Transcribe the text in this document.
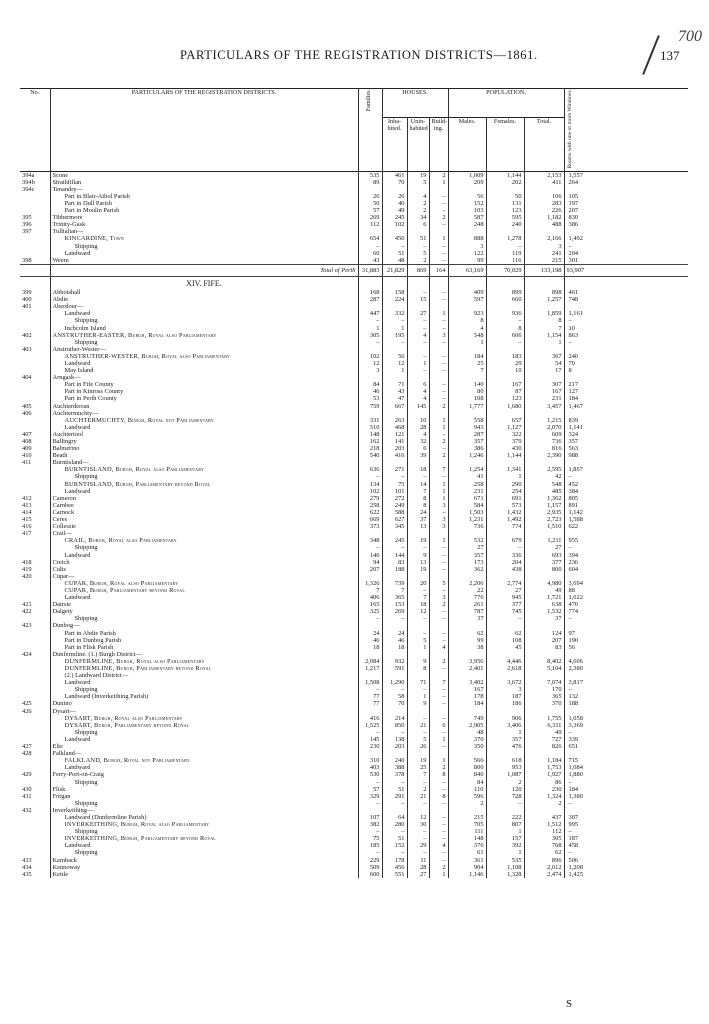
PARTICULARS OF THE REGISTRATION DISTRICTS—1861.
700
137
No.	PARTICULARS OF THE REGISTRATION DISTRICTS.	Families.	HOUSES.			POPULATION.			Rooms with one or more Windows.
			Inha- bited.	Unin- habited	Build- ing.	Males.	Females.	Total.	
394a	Scone	535	461	19	2	1,009	1,144	2,153	1,557
394b	Strathfillan	89	70	5	1	209	202	411	264
394c	Tenandry—								
	Part in Blair-Athol Parish	26	26	4	–	56	50	106	105
	Part in Dull Parish	50	40	2	–	152	131	283	197
	Part in Moulin Parish	57	49	2	–	103	123	226	207
395	Tibbermore	269	245	34	2	587	595	1,182	830
396	Trinity-Gask	112	102	6	–	248	240	488	386
397	Tullialian—								
	KINCARDINE, Town	654	450	51	1	888	1,278	2,166	1,492
	Shipping	–	–	–	–	3	–	3	–
	Landward	60	51	5	–	122	119	241	204
398	Weem	43	48	2	–	99	116	215	301
	Total of Perth	31,883	21,829	869	164	63,169	70,029	133,198	93,907
	XIV. FIFE.								
399	Abbotshall	168	158	–	–	409	899	898	461
400	Abdie	287	224	15	–	597	660	1,257	748
401	Aberdour—								
	Landward	447	332	27	1	923	936	1,859	1,161
	Shipping	–	–	–	–	8	–	8	–
	Inchcolm Island	1	1	–	–	4	8	7	10
402	ANSTRUTHER-EASTER, Burgh, Royal also Parliamentary	305	195	4	3	548	606	1,154	863
	Shipping	–	–	–	–	1	–	1	–
403	Anstruther-Wester—								
	ANSTRUTHER-WESTER, Burgh, Royal also Parliamentary	102	56	–	–	184	183	367	240
	Landward	12	12	1	–	25	29	54	70
	May Island	3	1	–	–	7	10	17	8
404	Arngask—								
	Part in Fife County	84	71	6	–	140	167	307	217
	Part in Kinross County	46	43	4	–	80	87	167	127
	Part in Perth County	53	47	4	–	108	123	231	184
405	Auchterderran	759	667	145	2	1,777	1,680	3,457	1,467
406	Auchtermuchty—								
	AUCHTERMUCHTY, Burgh, Royal not Parliamentary	331	263	10	1	558	657	1,215	839
	Landward	510	468	28	1	943	1,127	2,070	1,141
407	Auchtertool	148	121	4	–	287	322	609	324
408	Ballingry	162	141	32	2	357	379	736	357
409	Balmerino	218	203	6	–	386	430	816	563
410	Beath	540	416	39	2	1,246	1,144	2,390	988
411	Burntisland—								
	BURNTISLAND, Burgh, Royal also Parliamentary	636	271	18	7	1,254	1,341	2,595	1,857
	Shipping	–	–	–	–	41	1	42	–
	BURNTISLAND, Burgh, Parliamentary beyond Royal	134	75	14	1	258	290	548	452
	Landward	102	101	7	1	231	254	485	384
412	Cameron	279	272	8	1	671	691	1,362	805
413	Carnbee	258	249	8	3	584	573	1,157	891
414	Carnock	622	588	24	–	1,503	1,432	2,935	1,142
415	Ceres	669	627	37	3	1,231	1,492	2,723	1,588
416	Collessie	373	345	13	3	736	774	1,510	622
417	Crail—								
	CRAIL, Burgh, Royal also Parliamentary	348	245	19	1	532	679	1,211	955
	Shipping	–	–	–	–	27	–	27	–
	Landward	146	144	9	–	357	336	693	394
418	Creich	94	83	13	–	173	204	377	236
419	Cults	207	188	19	–	362	438	800	604
420	Cupar—								
	CUPAR, Burgh, Royal also Parliamentary	1,326	739	20	5	2,206	2,774	4,980	3,694
	CUPAR, Burgh, Parliamentary beyond Royal	7	7	–	–	22	27	49	88
	Landward	406	365	7	3	776	945	1,721	1,022
421	Dairsie	165	153	18	2	261	377	638	470
422	Dalgety	325	269	12	–	787	745	1,532	774
	Shipping	–	–	–	–	37	–	37	–
423	Dunbog—								
	Part in Abdie Parish	24	24	–	–	62	62	124	97
	Part in Dunbog Parish	46	46	5	–	99	108	207	190
	Part in Flisk Parish	18	18	1	4	38	45	83	56
424	Dunfermline. (1.) Burgh District—								
	DUNFERMLINE, Burgh, Royal also Parliamentary	2,084	932	9	2	3,956	4,446	8,402	4,606
	DUNFERMLINE, Burgh, Parliamentary beyond Royal	1,217	591	8	–	2,401	2,618	5,104	2,380
	(2.) Landward District—								
	Landward	1,508	1,290	71	7	3,402	3,672	7,074	3,817
	Shipping	–	–	–	–	167	3	170	–
	Landward (Inverkeithing Parish)	77	58	1	–	178	187	365	132
425	Dunino	77	70	9	–	184	186	370	188
426	Dysart—								
	DYSART, Burgh, Royal also Parliamentary	416	214	–	–	749	906	1,755	1,058
	DYSART, Burgh, Parliamentary beyond Royal	1,525	850	21	6	2,905	3,406	6,311	3,369
	Shipping	–	–	–	–	48	1	49	–
	Landward	145	138	5	1	370	357	727	339
427	Elie	230	203	26	–	350	476	826	651
428	Falkland—								
	FALKLAND, Burgh, Royal not Parliamentary	310	240	19	1	566	618	1,184	715
	Landward	403	388	25	2	800	953	1,753	1,084
429	Ferry-Port-on-Craig	530	378	7	8	840	1,087	1,927	1,880
	Shipping	–	–	–	–	84	2	86	–
430	Flisk	57	51	2	–	110	120	230	184
431	Forgan	329	291	21	8	596	728	1,324	1,380
	Shipping	–	–	–	–	2	–	2	–
432	Inverkeithing—								
	Landward (Dunfermline Parish)	107	64	12	–	215	222	437	307
	INVERKEITHING, Burgh, Royal also Parliamentary	382	280	30	–	705	807	1,512	995
	Shipping	–	–	–	–	111	1	112	–
	INVERKEITHING, Burgh, Parliamentary beyond Royal	75	51	–	–	148	157	305	187
	Landward	185	152	29	4	376	392	768	458
	Shipping	–	–	–	–	61	1	62	–
433	Kemback	229	178	11	–	361	535	896	506
434	Kennoway	509	456	28	2	904	1,108	2,012	1,208
435	Kettle	600	551	27	1	1,146	1,328	2,474	1,425
S
